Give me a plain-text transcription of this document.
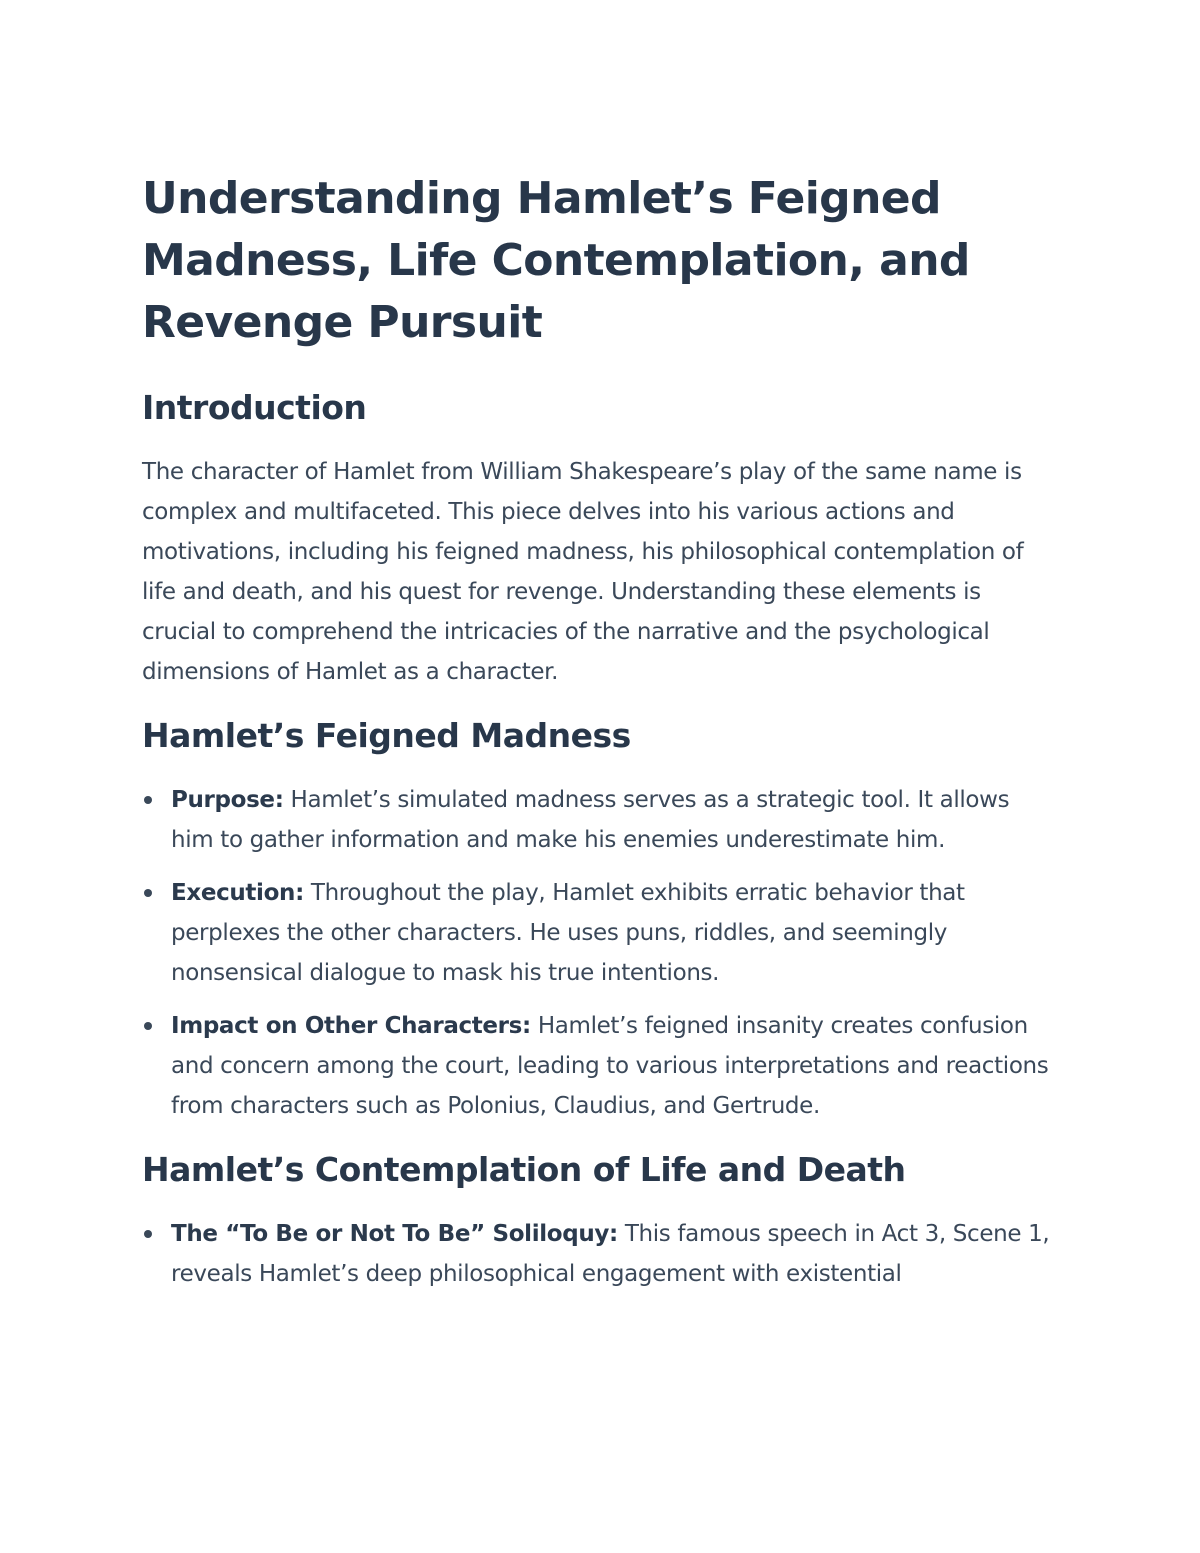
Understanding Hamlet’s Feigned Madness, Life Contemplation, and Revenge Pursuit
Introduction

The character of Hamlet from William Shakespeare’s play of the same name is complex and multifaceted. This piece delves into his various actions and motivations, including his feigned madness, his philosophical contemplation of life and death, and his quest for revenge. Understanding these elements is crucial to comprehend the intricacies of the narrative and the psychological dimensions of Hamlet as a character.

Hamlet’s Feigned Madness
Purpose: Hamlet’s simulated madness serves as a strategic tool. It allows him to gather information and make his enemies underestimate him.
Execution: Throughout the play, Hamlet exhibits erratic behavior that perplexes the other characters. He uses puns, riddles, and seemingly nonsensical dialogue to mask his true intentions.
Impact on Other Characters: Hamlet’s feigned insanity creates confusion and concern among the court, leading to various interpretations and reactions from characters such as Polonius, Claudius, and Gertrude.
Hamlet’s Contemplation of Life and Death
The “To Be or Not To Be” Soliloquy: This famous speech in Act 3, Scene 1, reveals Hamlet’s deep philosophical engagement with existential
